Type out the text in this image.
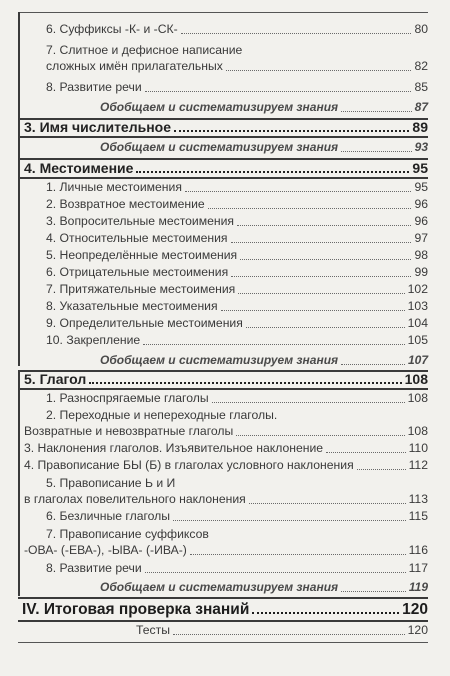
6. Суффиксы -К- и -СК-	80
7. Слитное и дефисное написание
сложных имён прилагательных	82
8. Развитие речи	85
Обобщаем и систематизируем знания	87
3. Имя числительное	89
Обобщаем и систематизируем знания	93
4. Местоимение	95
1. Личные местоимения	95
2. Возвратное местоимение	96
3. Вопросительные местоимения	96
4. Относительные местоимения	97
5. Неопределённые местоимения	98
6. Отрицательные местоимения	99
7. Притяжательные местоимения	102
8. Указательные местоимения	103
9. Определительные местоимения	104
10. Закрепление	105
Обобщаем и систематизируем знания	107
5. Глагол	108
1. Разноспрягаемые глаголы	108
2. Переходные и непереходные глаголы.
Возвратные и невозвратные глаголы	108
3. Наклонения глаголов. Изъявительное наклонение	110
4. Правописание БЫ (Б) в глаголах условного наклонения	112
5. Правописание Ь и И
в глаголах повелительного наклонения	113
6. Безличные глаголы	115
7. Правописание суффиксов
-ОВА- (-ЕВА-), -ЫВА- (-ИВА-)	116
8. Развитие речи	117
Обобщаем и систематизируем знания	119
IV. Итоговая проверка знаний	120
Тесты	120
